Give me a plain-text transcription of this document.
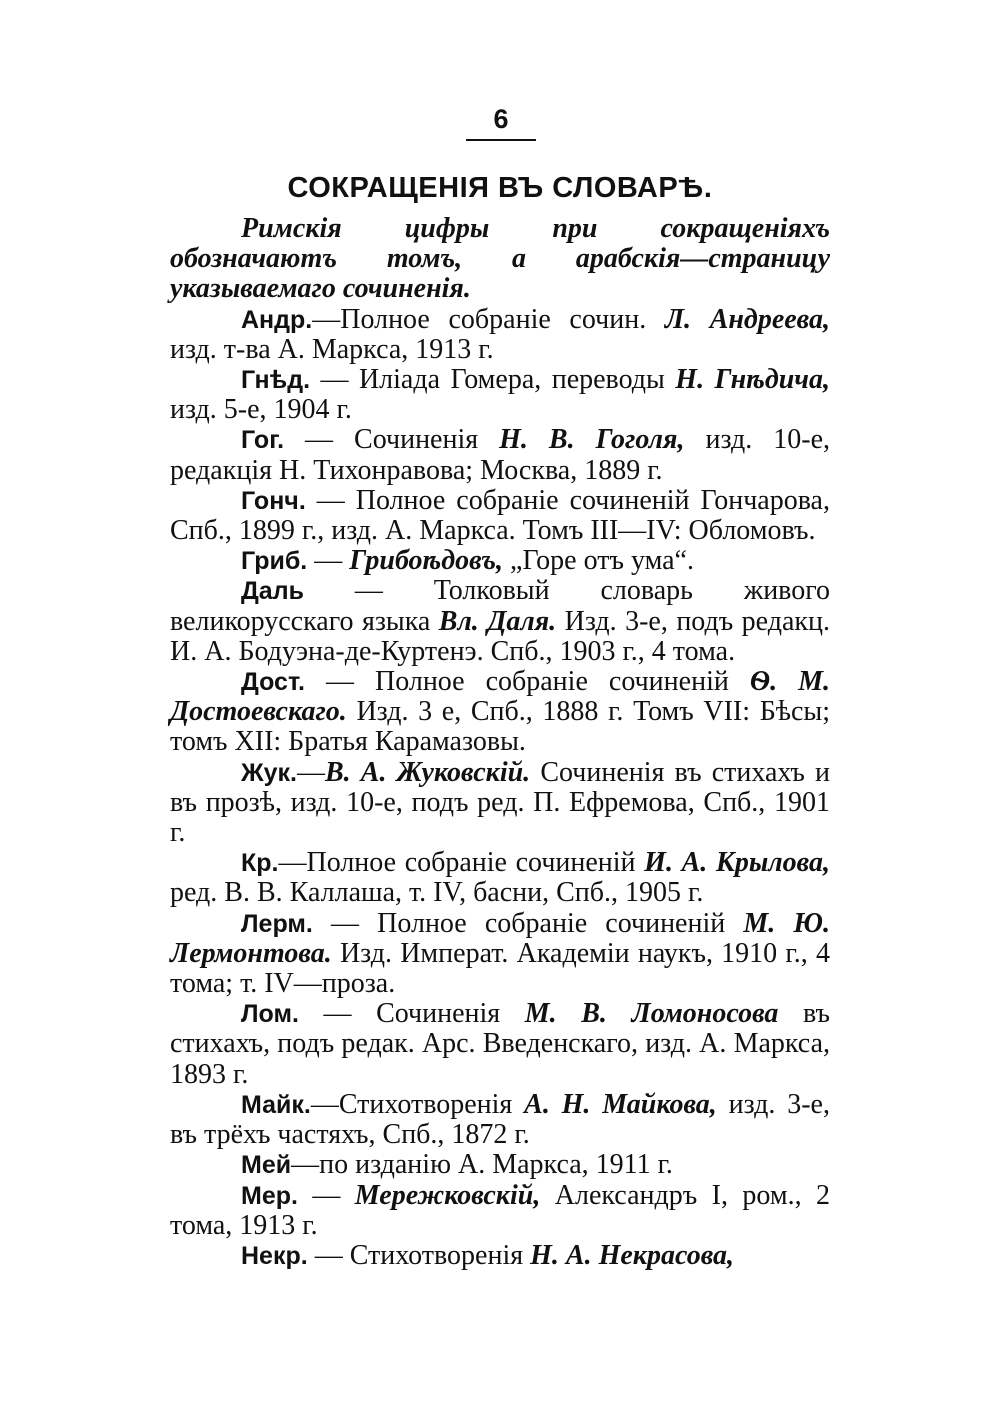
6
СОКРАЩЕНІЯ ВЪ СЛОВАРѢ.

Римскія цифры при сокращеніяхъ обозначаютъ томъ, а арабскія—страницу указываемаго сочиненія.

Андр.—Полное собраніе сочин. Л. Андреева, изд. т-ва А. Маркса, 1913 г.

Гнѣд. — Иліада Гомера, переводы Н. Гнѣдича, изд. 5-е, 1904 г.

Гог. — Сочиненія Н. В. Гоголя, изд. 10-е, редакція Н. Тихонравова; Москва, 1889 г.

Гонч. — Полное собраніе сочиненій Гончарова, Спб., 1899 г., изд. А. Маркса. Томъ III—IV: Обломовъ.

Гриб. — Грибоѣдовъ, „Горе отъ ума“.

Даль — Толковый словарь живого великорусскаго языка Вл. Даля. Изд. 3-е, подъ редакц. И. А. Бодуэна-де-Куртенэ. Спб., 1903 г., 4 тома.

Дост. — Полное собраніе сочиненій Ѳ. М. Достоевскаго. Изд. 3 е, Спб., 1888 г. Томъ VII: Бѣсы; томъ XII: Братья Карамазовы.

Жук.—В. А. Жуковскій. Сочиненія въ стихахъ и въ прозѣ, изд. 10-е, подъ ред. П. Ефремова, Спб., 1901 г.

Кр.—Полное собраніе сочиненій И. А. Крылова, ред. В. В. Каллаша, т. IV, басни, Спб., 1905 г.

Лерм. — Полное собраніе сочиненій М. Ю. Лермонтова. Изд. Императ. Академіи наукъ, 1910 г., 4 тома; т. IV—проза.

Лом. — Сочиненія М. В. Ломоносова въ стихахъ, подъ редак. Арс. Введенскаго, изд. А. Маркса, 1893 г.

Майк.—Стихотворенія А. Н. Майкова, изд. 3-е, въ трёхъ частяхъ, Спб., 1872 г.

Мей—по изданію А. Маркса, 1911 г.

Мер. — Мережковскій, Александръ I, ром., 2 тома, 1913 г.

Некр. — Стихотворенія Н. А. Некрасова,
